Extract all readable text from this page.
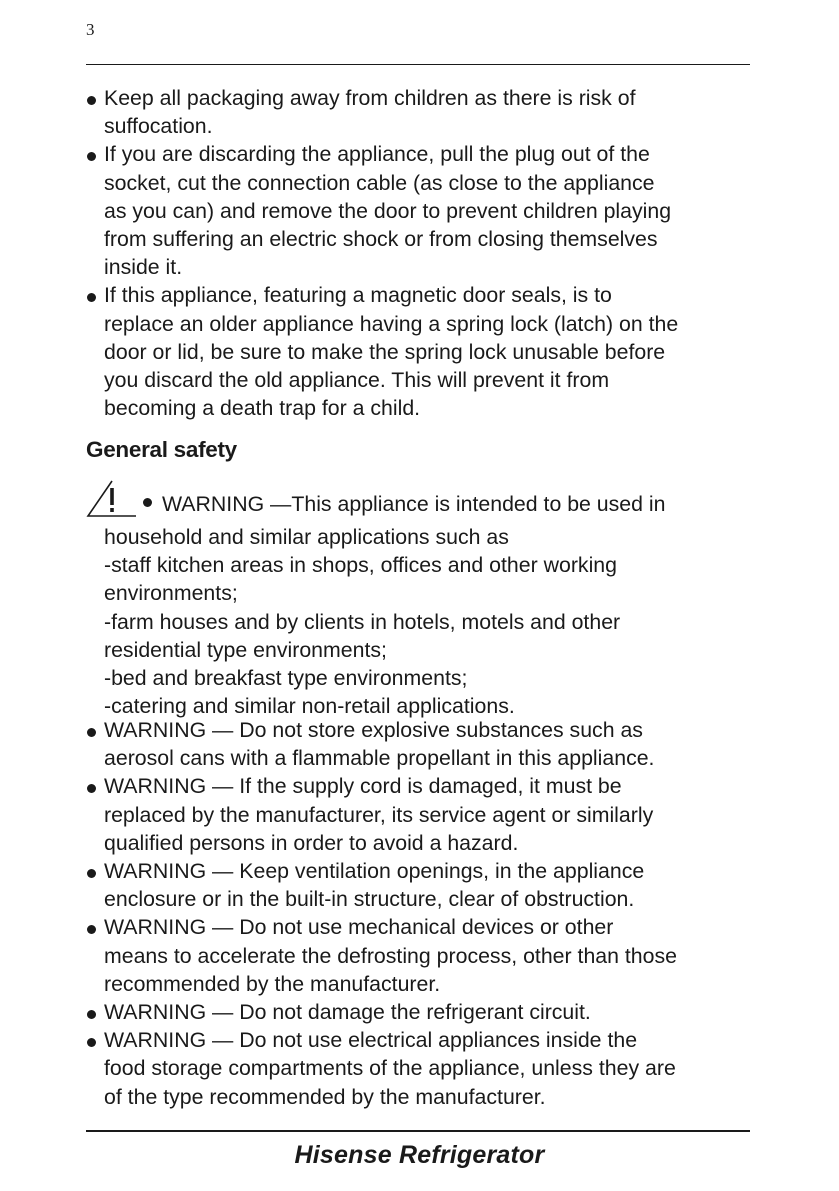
3
Keep all packaging away from children as there is risk of
suffocation.
If you are discarding the appliance, pull the plug out of the
socket, cut the connection cable (as close to the appliance
as you can) and remove the door to prevent children playing
from suffering an electric shock or from closing themselves
inside it.
If this appliance, featuring a magnetic door seals, is to
replace an older appliance having a spring lock (latch) on the
door or lid, be sure to make the spring lock unusable before
you discard the old appliance. This will prevent it from
becoming a death trap for a child.
General safety
WARNING —This appliance is intended to be used in
household and similar applications such as
-staff kitchen areas in shops, offices and other working
environments;
-farm houses and by clients in hotels, motels and other
residential type environments;
-bed and breakfast type environments;
-catering and similar non-retail applications.
WARNING — Do not store explosive substances such as
aerosol cans with a flammable propellant in this appliance.
WARNING — If the supply cord is damaged, it must be
replaced by the manufacturer, its service agent or similarly
qualified persons in order to avoid a hazard.
WARNING — Keep ventilation openings, in the appliance
enclosure or in the built-in structure, clear of obstruction.
WARNING — Do not use mechanical devices or other
means to accelerate the defrosting process, other than those
recommended by the manufacturer.
WARNING — Do not damage the refrigerant circuit.
WARNING — Do not use electrical appliances inside the
food storage compartments of the appliance, unless they are
of the type recommended by the manufacturer.
Hisense Refrigerator
